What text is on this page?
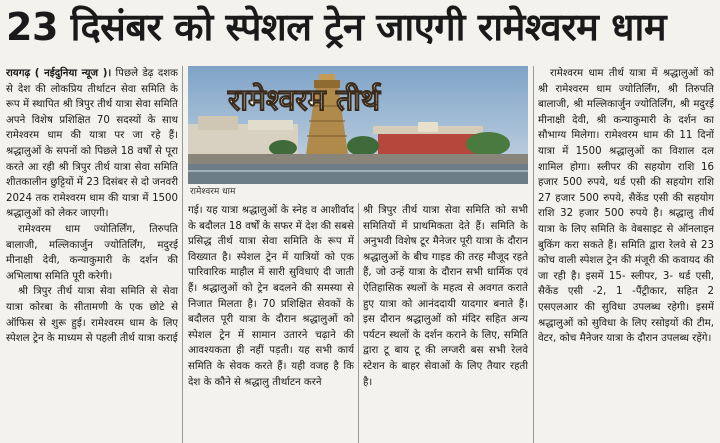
23 दिसंबर को स्पेशल ट्रेन जाएगी रामेश्वरम धाम

रायगढ़ ( नईदुनिया न्यूज )। पिछले डेढ़ दशक से देश की लोकप्रिय तीर्थाटन सेवा समिति के रूप में स्थापित श्री त्रिपुर तीर्थ यात्रा सेवा समिति अपने विशेष प्रशिक्षित 70 सदस्यों के साथ रामेश्वरम धाम की यात्रा पर जा रहे हैं। श्रद्धालुओं के सपनों को पिछले 18 वर्षों से पूरा करते आ रही श्री त्रिपुर तीर्थ यात्रा सेवा समिति शीतकालीन छुट्टियों में 23 दिसंबर से दो जनवरी 2024 तक रामेश्वरम धाम की यात्रा में 1500 श्रद्धालुओं को लेकर जाएगी।

रामेश्वरम धाम ज्योतिर्लिंग, तिरुपति बालाजी, मल्लिकार्जुन ज्योतिर्लिंग, मदुरई मीनाक्षी देवी, कन्याकुमारी के दर्शन की अभिलाषा समिति पूरी करेगी।

श्री त्रिपुर तीर्थ यात्रा सेवा समिति से सेवा यात्रा कोरबा के सीतामणी के एक छोटे से ऑफिस से शुरू हुई। रामेश्वरम धाम के लिए स्पेशल ट्रेन के माध्यम से पहली तीर्थ यात्रा कराई

रामेश्वरम तीर्थ
रामेश्वरम धाम

गई। यह यात्रा श्रद्धालुओं के स्नेह व आशीर्वाद के बदौलत 18 वर्षों के सफर में देश की सबसे प्रसिद्ध तीर्थ यात्रा सेवा समिति के रूप में विख्यात है। स्पेशल ट्रेन में यात्रियों को एक पारिवारिक माहौल में सारी सुविधाएं दी जाती हैं। श्रद्धालुओं को ट्रेन बदलने की समस्या से निजात मिलता है। 70 प्रशिक्षित सेवकों के बदौलत पूरी यात्रा के दौरान श्रद्धालुओं को स्पेशल ट्रेन में सामान उतारने चढ़ाने की आवश्यकता ही नहीं पड़ती। यह सभी कार्य समिति के सेवक करते हैं। यही वजह है कि देश के कौने से श्रद्धालु तीर्थाटन करने

श्री त्रिपुर तीर्थ यात्रा सेवा समिति को सभी समितियों में प्राथमिकता देते हैं। समिति के अनुभवी विशेष टूर मैनेजर पूरी यात्रा के दौरान श्रद्धालुओं के बीच गाइड की तरह मौजूद रहते हैं, जो उन्हें यात्रा के दौरान सभी धार्मिक एवं ऐतिहासिक स्थलों के महत्व से अवगत कराते हुए यात्रा को आनंददायी यादगार बनाते हैं। इस दौरान श्रद्धालुओं को मंदिर सहित अन्य पर्यटन स्थलों के दर्शन कराने के लिए, समिति द्वारा टू बाय टू की लग्जरी बस सभी रेलवे स्टेशन के बाहर सेवाओं के लिए तैयार रहती है।

रामेश्वरम धाम तीर्थ यात्रा में श्रद्धालुओं को श्री रामेश्वरम धाम ज्योतिर्लिंग, श्री तिरुपति बालाजी, श्री मल्लिकार्जुन ज्योतिर्लिंग, श्री मदुरई मीनाक्षी देवी, श्री कन्याकुमारी के दर्शन का सौभाग्य मिलेगा। रामेश्वरम धाम की 11 दिनों यात्रा में 1500 श्रद्धालुओं का विशाल दल शामिल होगा। स्लीपर की सहयोग राशि 16 हजार 500 रुपये, थर्ड एसी की सहयोग राशि 27 हजार 500 रुपये, सैकेंड एसी की सहयोग राशि 32 हजार 500 रुपये है। श्रद्धालु तीर्थ यात्रा के लिए समिति के वेबसाइट से ऑनलाइन बुकिंग करा सकते हैं। समिति द्वारा रेलवे से 23 कोच वाली स्पेशल ट्रेन की मंजूरी की कवायद की जा रही है। इसमें 15- स्लीपर, 3- थर्ड एसी, सैकेंड एसी -2, 1 -पैंट्रीकार, सहित 2 एसएलआर की सुविधा उपलब्ध रहेगी। इसमें श्रद्धालुओं को सुविधा के लिए रसोइयों की टीम, वेटर, कोच मैनेजर यात्रा के दौरान उपलब्ध रहेंगे।
